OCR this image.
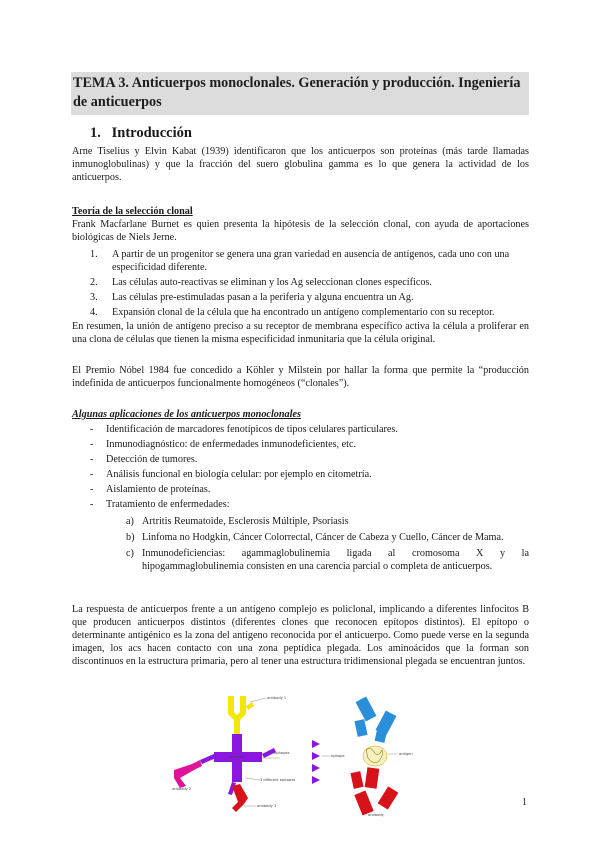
TEMA 3. Anticuerpos monoclonales. Generación y producción. Ingeniería de anticuerpos
1. Introducción

Arne Tiselius y Elvin Kabat (1939) identificaron que los anticuerpos son proteínas (más tarde llamadas inmunoglobulinas) y que la fracción del suero globulina gamma es lo que genera la actividad de los anticuerpos.

Teoría de la selección clonal

Frank Macfarlane Burnet es quien presenta la hipótesis de la selección clonal, con ayuda de aportaciones biológicas de Niels Jerne.

1. A partir de un progenitor se genera una gran variedad en ausencia de antígenos, cada uno con una especificidad diferente.
2. Las células auto-reactivas se eliminan y los Ag seleccionan clones específicos.
3. Las células pre-estimuladas pasan a la periferia y alguna encuentra un Ag.
4. Expansión clonal de la célula que ha encontrado un antígeno complementario con su receptor.

En resumen, la unión de antígeno preciso a su receptor de membrana específico activa la célula a proliferar en una clona de células que tienen la misma especificidad inmunitaria que la célula original.

El Premio Nóbel 1984 fue concedido a Köhler y Milstein por hallar la forma que permite la “producción indefinida de anticuerpos funcionalmente homogéneos (“clonales”).

Algunas aplicaciones de los anticuerpos monoclonales
- Identificación de marcadores fenotípicos de tipos celulares particulares.
- Inmunodiagnóstico: de enfermedades inmunodeficientes, etc.
- Detección de tumores.
- Análisis funcional en biología celular: por ejemplo en citometría.
- Aislamiento de proteínas.
- Tratamiento de enfermedades:
a) Artritis Reumatoide, Esclerosis Múltiple, Psoriasis
b) Linfoma no Hodgkin, Cáncer Colorrectal, Cáncer de Cabeza y Cuello, Cáncer de Mama.
c) Inmunodeficiencias: agammaglobulinemia ligada al cromosoma X y la hipogammaglobulinemia consisten en una carencia parcial o completa de anticuerpos.

La respuesta de anticuerpos frente a un antígeno complejo es policlonal, implicando a diferentes linfocitos B que producen anticuerpos distintos (diferentes clones que reconocen epítopos distintos). El epítopo o determinante antigénico es la zona del antígeno reconocida por el anticuerpo. Como puede verse en la segunda imagen, los acs hacen contacto con una zona peptídica plegada. Los aminoácidos que la forman son discontinuos en la estructura primaria, pero al tener una estructura tridimensional plegada se encuentran juntos.

antigen
antibody 1
antibody 2
antibody 3
epitopes
3 different epitopes
epitope	antigen
antibody
1
